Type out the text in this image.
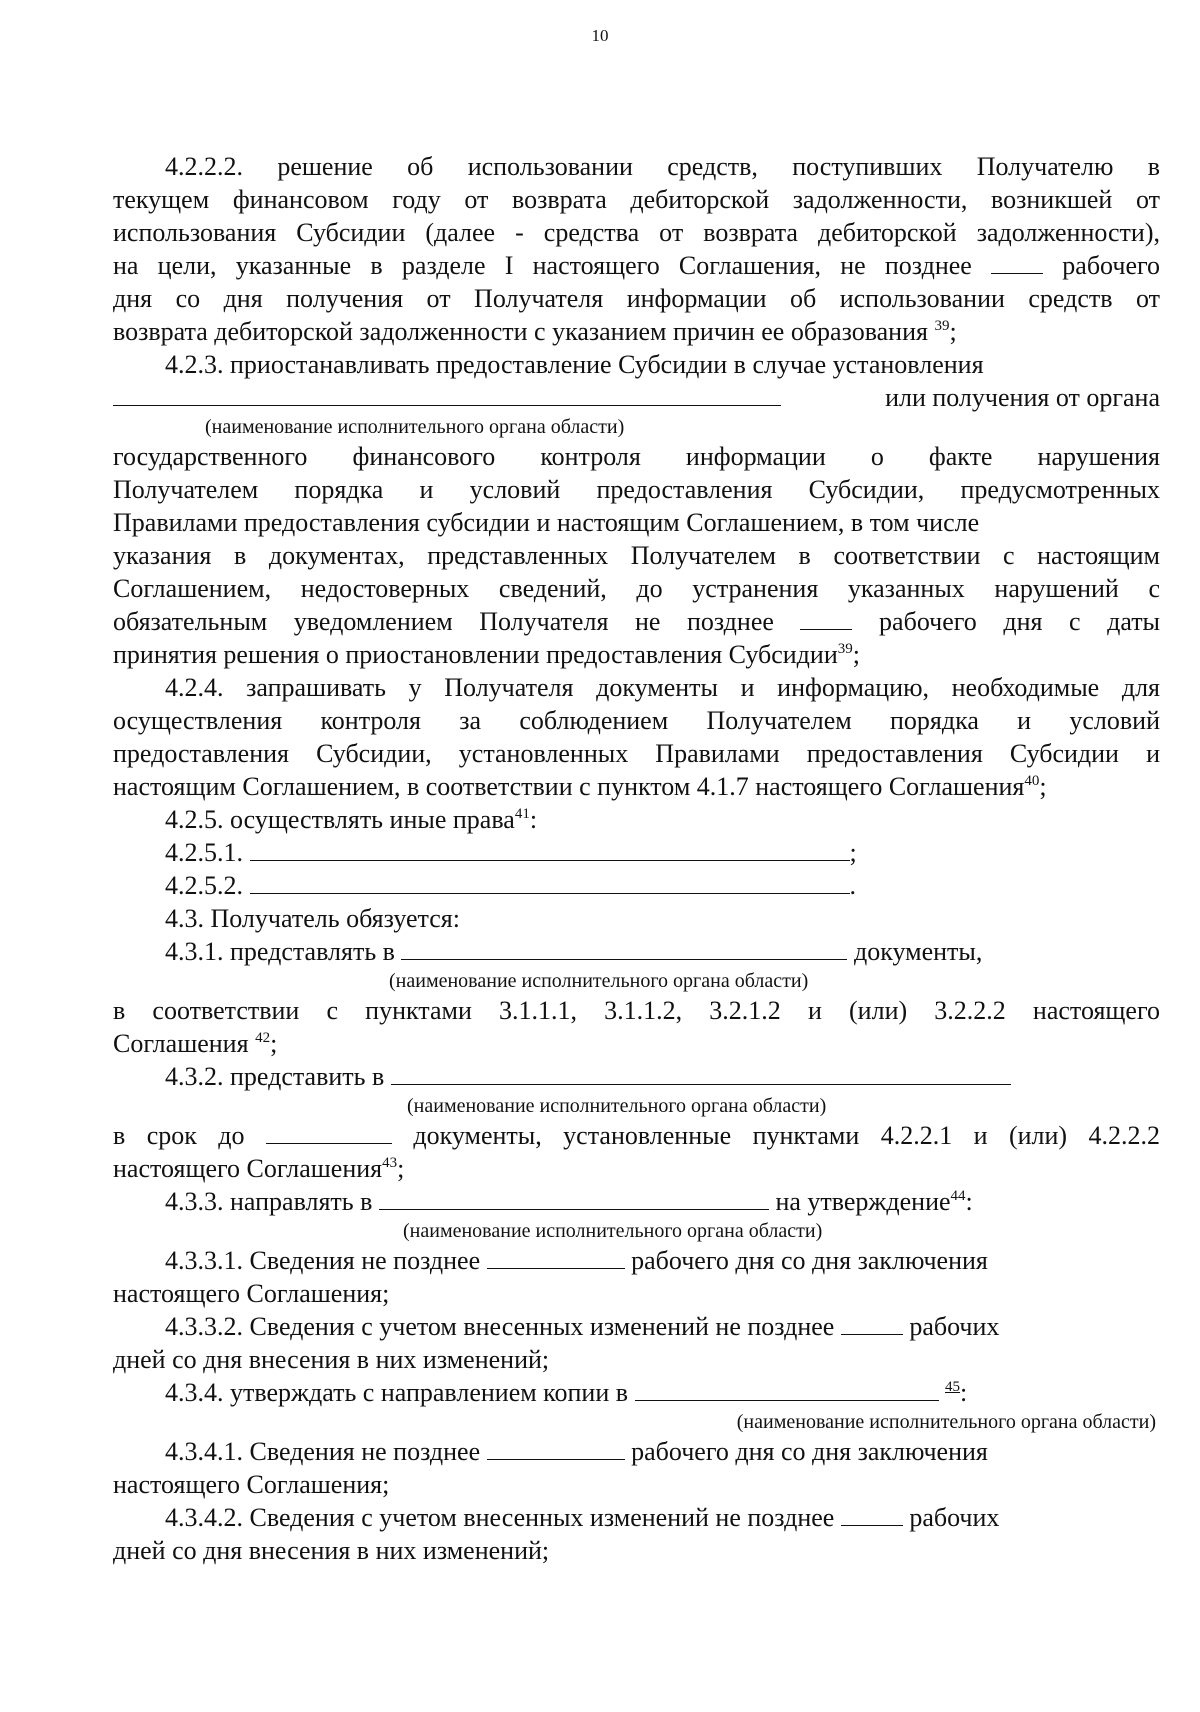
10

4.2.2.2. решение об использовании средств, поступивших Получателю в

текущем финансовом году от возврата дебиторской задолженности, возникшей от

использования Субсидии (далее - средства от возврата дебиторской задолженности),

на цели, указанные в разделе I настоящего Соглашения, не позднее	рабочего

дня со дня получения от Получателя информации об использовании средств от

возврата дебиторской задолженности с указанием причин ее образования $^{39}$;

4.2.3. приостанавливать предоставление Субсидии в случае установления

или получения от органа

(наименование исполнительного органа области)

государственного финансового контроля информации о факте нарушения

Получателем порядка и условий предоставления Субсидии, предусмотренных

Правилами предоставления субсидии и настоящим Соглашением, в том числе

указания в документах, представленных Получателем в соответствии с настоящим

Соглашением, недостоверных сведений, до устранения указанных нарушений с

обязательным уведомлением Получателя не позднее	рабочего дня с даты

принятия решения о приостановлении предоставления Субсидии$^{39}$;

4.2.4. запрашивать у Получателя документы и информацию, необходимые для

осуществления контроля за соблюдением Получателем порядка и условий

предоставления Субсидии, установленных Правилами предоставления Субсидии и

настоящим Соглашением, в соответствии с пунктом 4.1.7 настоящего Соглашения$^{40}$;

4.2.5. осуществлять иные права$^{41}$:

4.2.5.1.	;

4.2.5.2.	.

4.3. Получатель обязуется:

4.3.1. представлять в	документы,

(наименование исполнительного органа области)

в соответствии с пунктами 3.1.1.1, 3.1.1.2, 3.2.1.2 и (или) 3.2.2.2 настоящего

Соглашения $^{42}$;

4.3.2. представить в

(наименование исполнительного органа области)

в срок до	документы, установленные пунктами 4.2.2.1 и (или) 4.2.2.2

настоящего Соглашения$^{43}$;

4.3.3. направлять в	на утверждение$^{44}$:

(наименование исполнительного органа области)

4.3.3.1. Сведения не позднее	рабочего дня со дня заключения

настоящего Соглашения;

4.3.3.2. Сведения с учетом внесенных изменений не позднее	рабочих

дней со дня внесения в них изменений;

4.3.4. утверждать с направлением копии в	$^{45}$:

(наименование исполнительного органа области)

4.3.4.1. Сведения не позднее	рабочего дня со дня заключения

настоящего Соглашения;

4.3.4.2. Сведения с учетом внесенных изменений не позднее	рабочих

дней со дня внесения в них изменений;
